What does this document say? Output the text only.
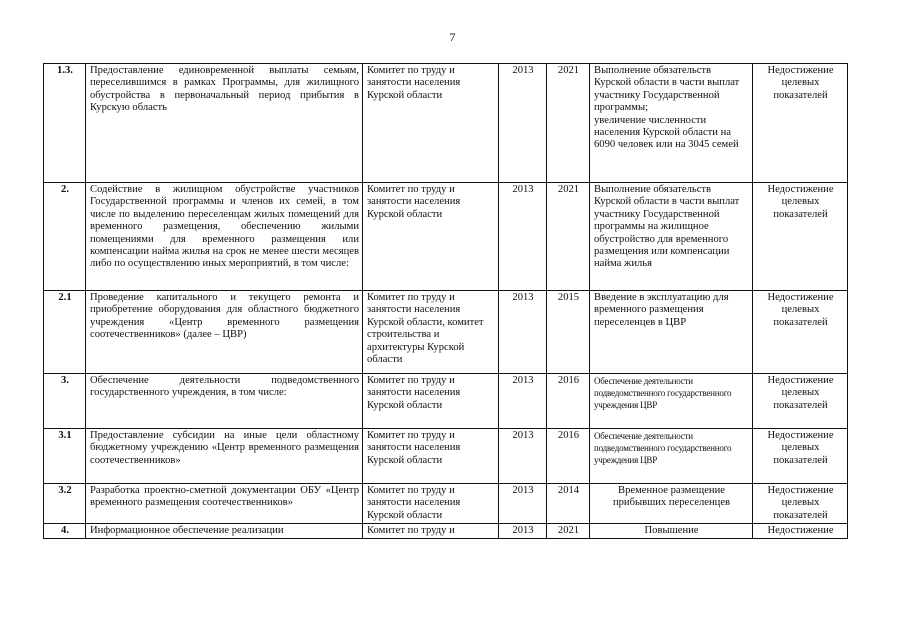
7
1.3.	Предоставление единовременной выплаты семьям, переселившимся в рамках Программы, для жилищного обустройства в первоначальный период прибытия в Курскую область	Комитет по труду и занятости населения Курской области	2013	2021	Выполнение обязательств Курской области в части выплат участнику Государственной программы;
увеличение численности населения Курской области на 6090 человек или на 3045 семей	Недостижение целевых показателей
2.	Содействие в жилищном обустройстве участников Государственной программы и членов их семей, в том числе по выделению переселенцам жилых помещений для временного размещения, обеспечению жилыми помещениями для временного размещения или компенсации найма жилья на срок не менее шести месяцев либо по осуществлению иных мероприятий, в том числе:	Комитет по труду и занятости населения Курской области	2013	2021	Выполнение обязательств Курской области в части выплат участнику Государственной программы на жилищное обустройство для временного размещения или компенсации найма жилья	Недостижение целевых показателей
2.1	Проведение капитального и текущего ремонта и приобретение оборудования для областного бюджетного учреждения «Центр временного размещения соотечественников» (далее – ЦВР)	Комитет по труду и занятости населения Курской области, комитет строительства и архитектуры Курской области	2013	2015	Введение в эксплуатацию для временного размещения переселенцев в ЦВР	Недостижение целевых показателей
3.	Обеспечение деятельности подведомственного государственного учреждения, в том числе:	Комитет по труду и занятости населения Курской области	2013	2016	Обеспечение деятельности подведомственного государственного учреждения ЦВР	Недостижение целевых показателей
3.1	Предоставление субсидии на иные цели областному бюджетному учреждению «Центр временного размещения соотечественников»	Комитет по труду и занятости населения Курской области	2013	2016	Обеспечение деятельности подведомственного государственного учреждения ЦВР	Недостижение целевых показателей
3.2	Разработка проектно-сметной документации ОБУ «Центр временного размещения соотечественников»	Комитет по труду и занятости населения Курской области	2013	2014	Временное размещение прибывших переселенцев	Недостижение целевых показателей
4.	Информационное обеспечение реализации	Комитет по труду и	2013	2021	Повышение	Недостижение
